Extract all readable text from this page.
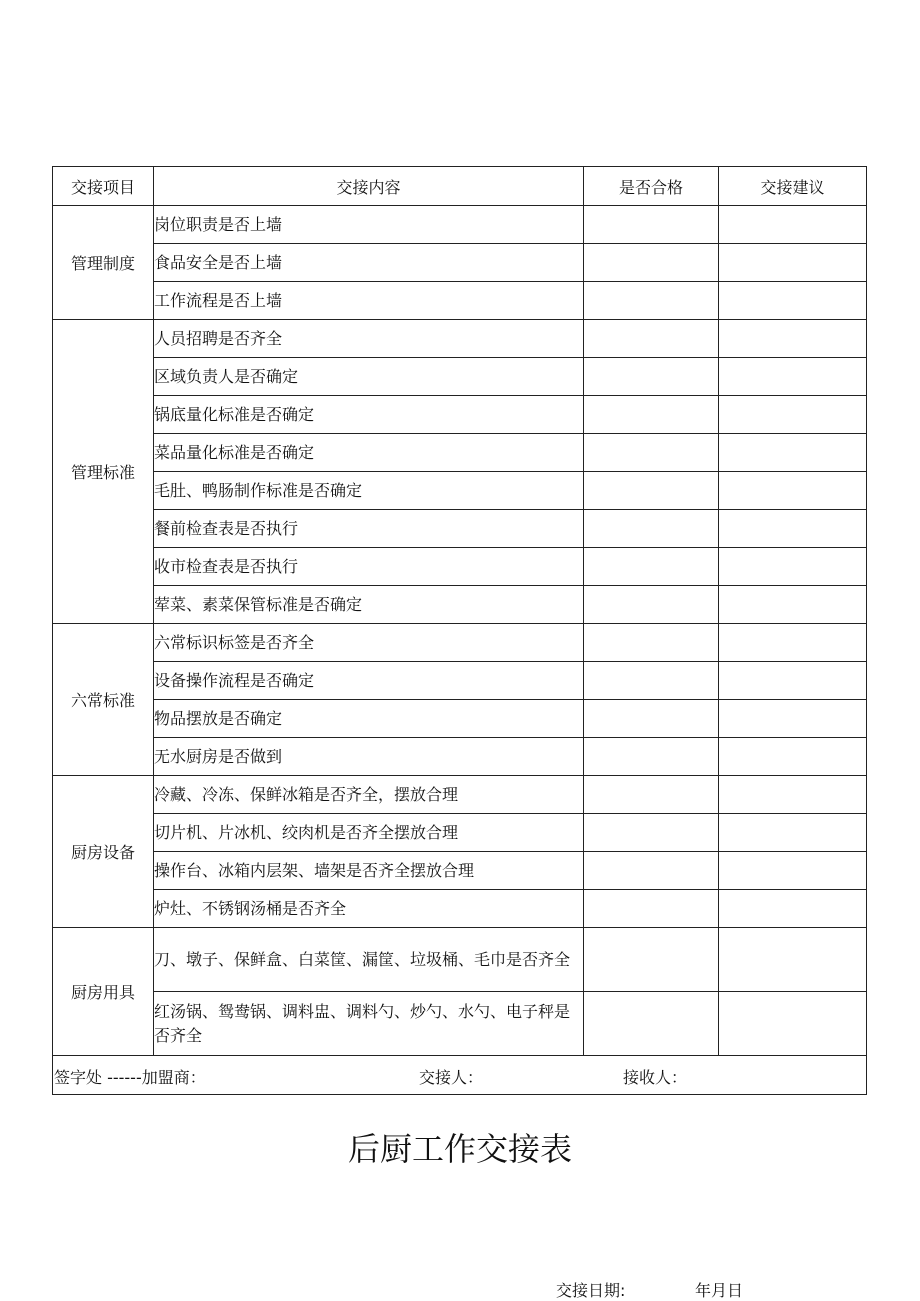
交接项目	交接内容	是否合格	交接建议
管理制度	岗位职责是否上墙		
	食品安全是否上墙		
	工作流程是否上墙		
管理标准	人员招聘是否齐全		
	区域负责人是否确定		
	锅底量化标准是否确定		
	菜品量化标准是否确定		
	毛肚、鸭肠制作标准是否确定		
	餐前检查表是否执行		
	收市检查表是否执行		
	荤菜、素菜保管标准是否确定		
六常标准	六常标识标签是否齐全		
	设备操作流程是否确定		
	物品摆放是否确定		
	无水厨房是否做到		
厨房设备	冷藏、冷冻、保鲜冰箱是否齐全，摆放合理		
	切片机、片冰机、绞肉机是否齐全摆放合理		
	操作台、冰箱内层架、墙架是否齐全摆放合理		
	炉灶、不锈钢汤桶是否齐全		
厨房用具	刀、墩子、保鲜盒、白菜筐、漏筐、垃圾桶、毛巾是否齐全		
	红汤锅、鸳鸯锅、调料盅、调料勺、炒勺、水勺、电子秤是否齐全		

签字处 ------加盟商： 交接人： 接收人：			
后厨工作交接表
交接日期:	年月日
